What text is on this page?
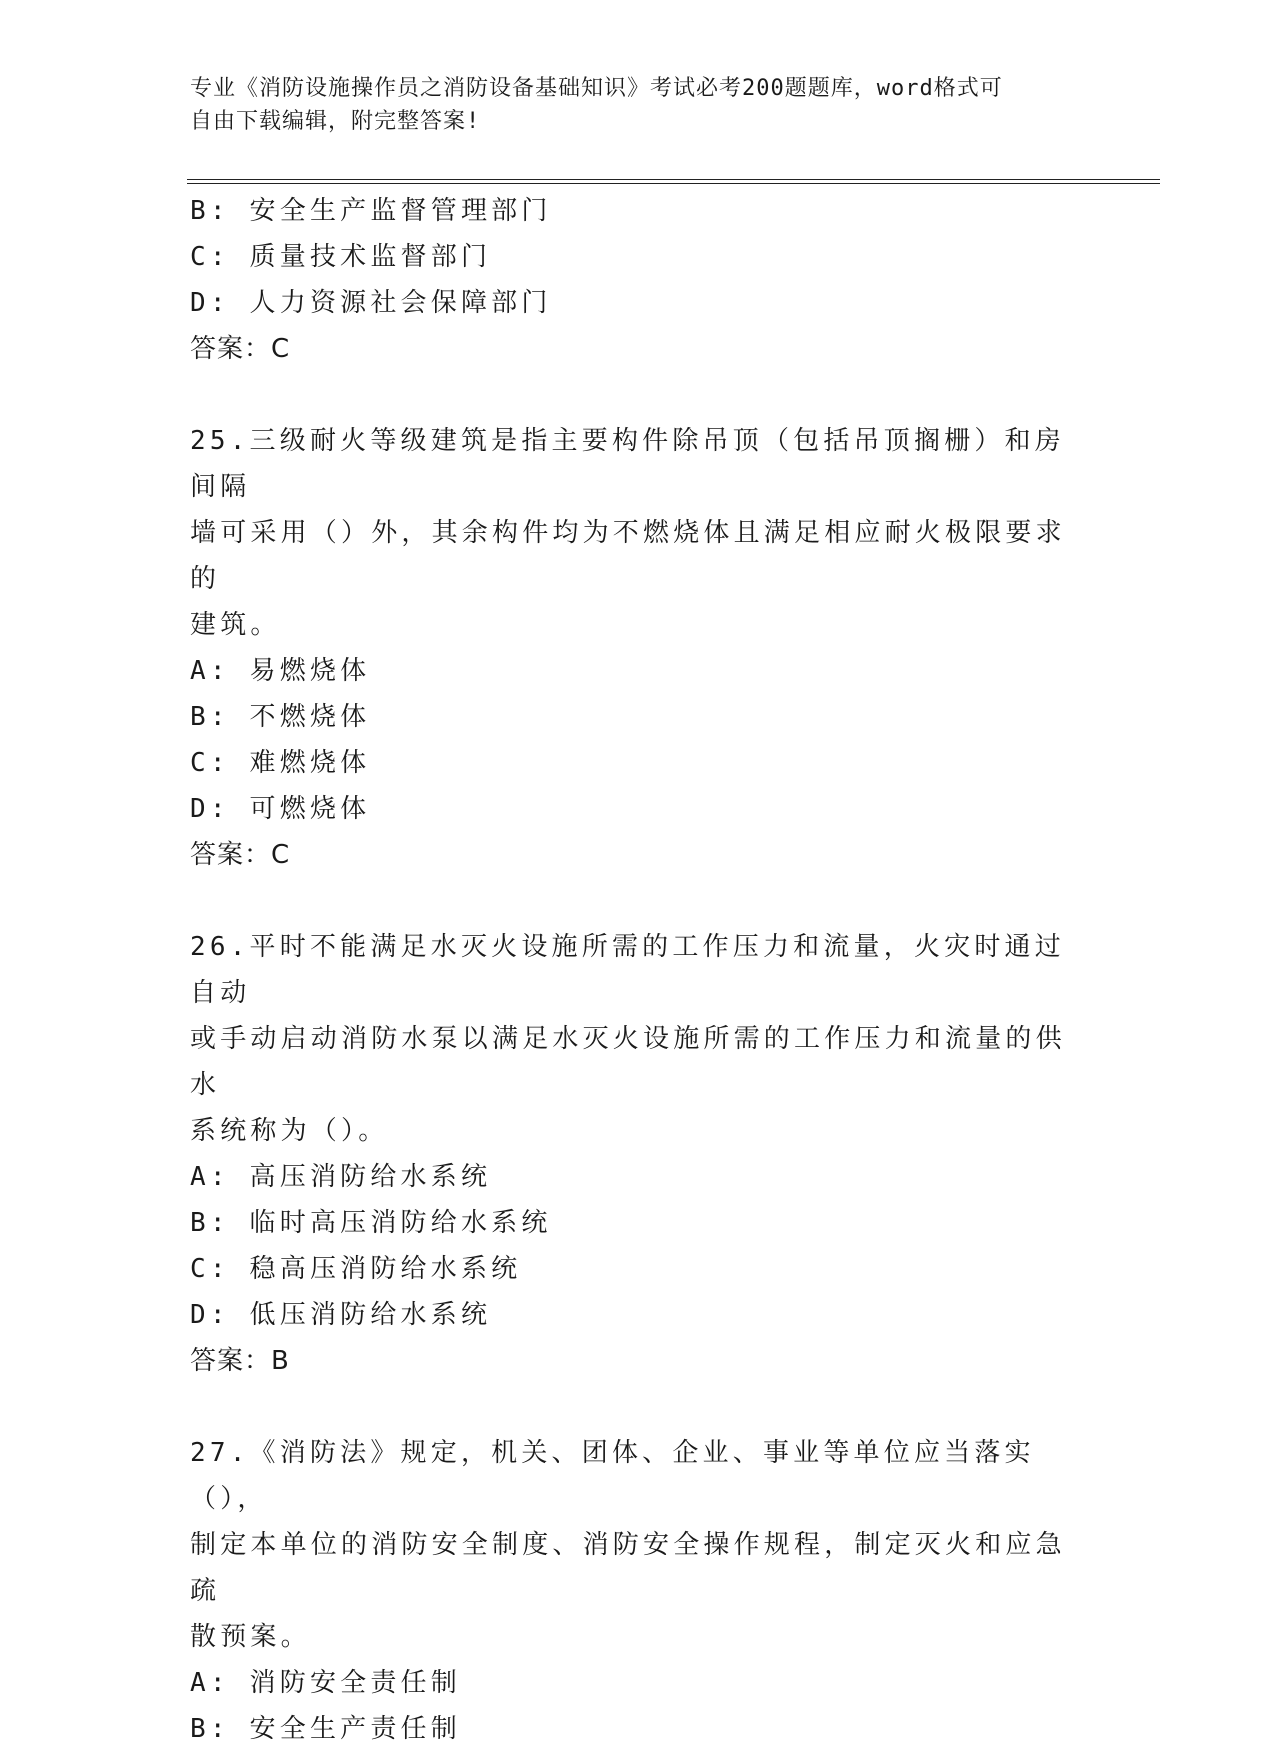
专业《消防设施操作员之消防设备基础知识》考试必考200题题库，word格式可
自由下载编辑，附完整答案!
B: 安全生产监督管理部门
C: 质量技术监督部门
D: 人力资源社会保障部门
答案：C
25.三级耐火等级建筑是指主要构件除吊顶（包括吊顶搁栅）和房间隔
墙可采用（）外，其余构件均为不燃烧体且满足相应耐火极限要求的
建筑。
A: 易燃烧体
B: 不燃烧体
C: 难燃烧体
D: 可燃烧体
答案：C
26.平时不能满足水灭火设施所需的工作压力和流量，火灾时通过自动
或手动启动消防水泵以满足水灭火设施所需的工作压力和流量的供水
系统称为（）。
A: 高压消防给水系统
B: 临时高压消防给水系统
C: 稳高压消防给水系统
D: 低压消防给水系统
答案：B
27.《消防法》规定，机关、团体、企业、事业等单位应当落实（），
制定本单位的消防安全制度、消防安全操作规程，制定灭火和应急疏
散预案。
A: 消防安全责任制
B: 安全生产责任制
